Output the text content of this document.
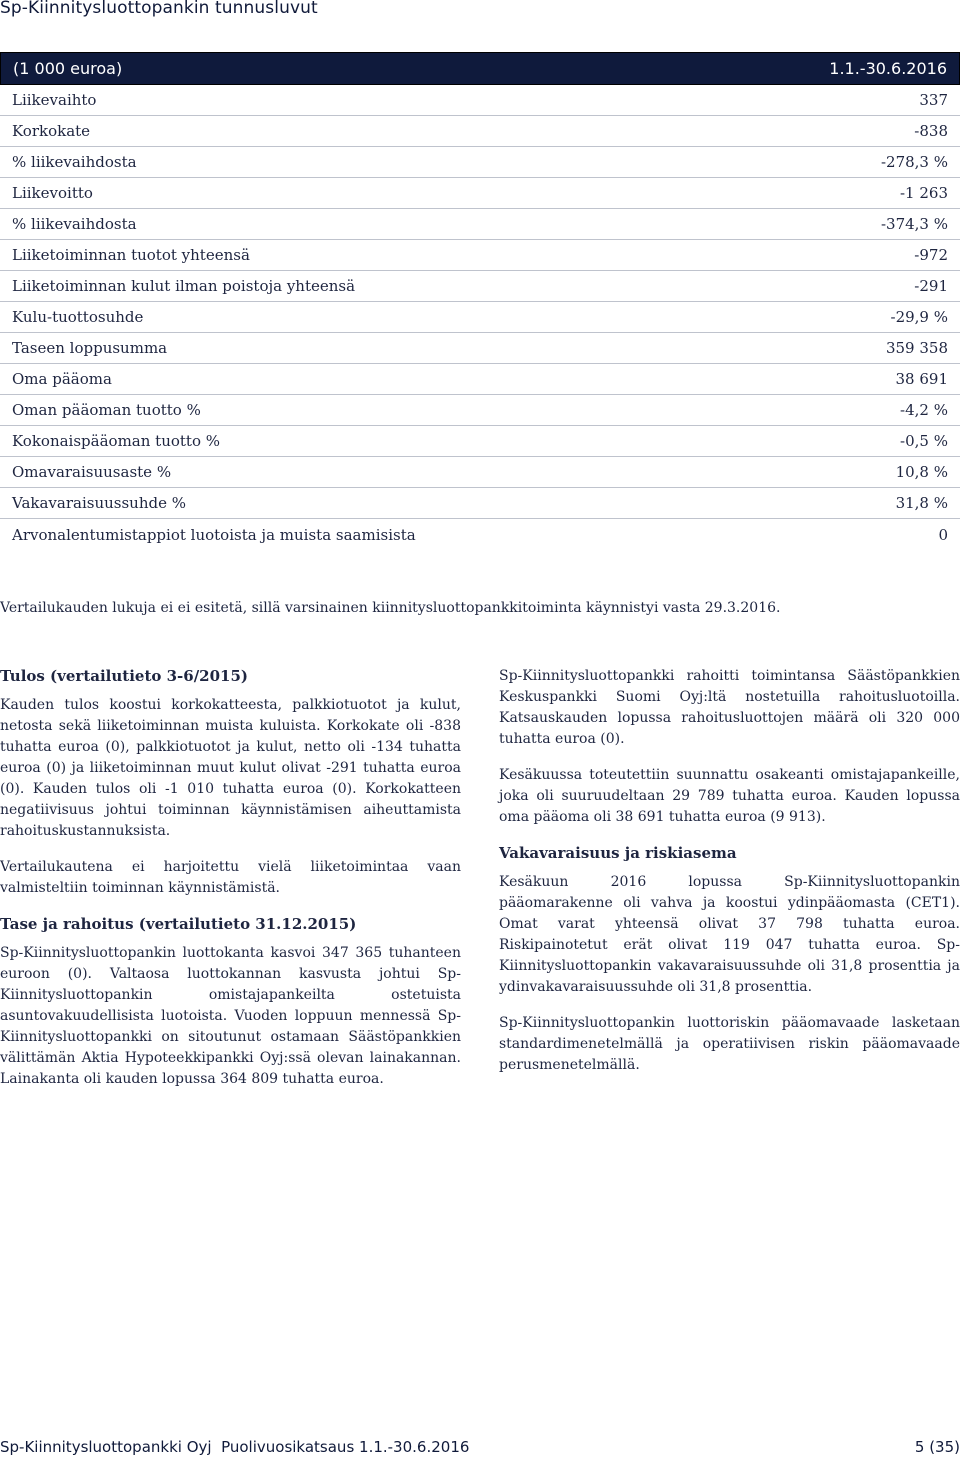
Sp-Kiinnitysluottopankin tunnusluvut
(1 000 euroa)	1.1.-30.6.2016
Liikevaihto	337
Korkokate	-838
% liikevaihdosta	-278,3 %
Liikevoitto	-1 263
% liikevaihdosta	-374,3 %
Liiketoiminnan tuotot yhteensä	-972
Liiketoiminnan kulut ilman poistoja yhteensä	-291
Kulu-tuottosuhde	-29,9 %
Taseen loppusumma	359 358
Oma pääoma	38 691
Oman pääoman tuotto %	-4,2 %
Kokonaispääoman tuotto %	-0,5 %
Omavaraisuusaste %	10,8 %
Vakavaraisuussuhde %	31,8 %
Arvonalentumistappiot luotoista ja muista saamisista	0
Vertailukauden lukuja ei ei esitetä, sillä varsinainen kiinnitysluottopankkitoiminta käynnistyi vasta 29.3.2016.
Tulos (vertailutieto 3-6/2015)

Kauden tulos koostui korkokatteesta, palkkiotuotot ja kulut, netosta sekä liiketoiminnan muista kuluista. Korkokate oli -838 tuhatta euroa (0), palkkiotuotot ja kulut, netto oli -134 tuhatta euroa (0) ja liiketoiminnan muut kulut olivat -291 tuhatta euroa (0). Kauden tulos oli -1 010 tuhatta euroa (0). Korkokatteen negatiivisuus johtui toiminnan käynnistämisen aiheuttamista rahoituskustannuksista.

Vertailukautena ei harjoitettu vielä liiketoimintaa vaan valmisteltiin toiminnan käynnistämistä.

Tase ja rahoitus (vertailutieto 31.12.2015)

Sp-Kiinnitysluottopankin luottokanta kasvoi 347 365 tuhanteen euroon (0). Valtaosa luottokannan kasvusta johtui Sp-Kiinnitysluottopankin omistajapankeilta ostetuista asuntovakuudellisista luotoista. Vuoden loppuun mennessä Sp-Kiinnitysluottopankki on sitoutunut ostamaan Säästöpankkien välittämän Aktia Hypoteekkipankki Oyj:ssä olevan lainakannan. Lainakanta oli kauden lopussa 364 809 tuhatta euroa.

Sp-Kiinnitysluottopankki rahoitti toimintansa Säästöpankkien Keskuspankki Suomi Oyj:ltä nostetuilla rahoitusluotoilla. Katsauskauden lopussa rahoitusluottojen määrä oli 320 000 tuhatta euroa (0).

Kesäkuussa toteutettiin suunnattu osakeanti omistajapankeille, joka oli suuruudeltaan 29 789 tuhatta euroa. Kauden lopussa oma pääoma oli 38 691 tuhatta euroa (9 913).

Vakavaraisuus ja riskiasema

Kesäkuun 2016 lopussa Sp-Kiinnitysluottopankin pääomarakenne oli vahva ja koostui ydinpääomasta (CET1). Omat varat yhteensä olivat 37 798 tuhatta euroa. Riskipainotetut erät olivat 119 047 tuhatta euroa. Sp-Kiinnitysluottopankin vakavaraisuussuhde oli 31,8 prosenttia ja ydinvakavaraisuussuhde oli 31,8 prosenttia.

Sp-Kiinnitysluottopankin luottoriskin pääomavaade lasketaan standardimenetelmällä ja operatiivisen riskin pääomavaade perusmenetelmällä.

Sp-Kiinnitysluottopankki Oyj  Puolivuosikatsaus 1.1.-30.6.2016	5 (35)
